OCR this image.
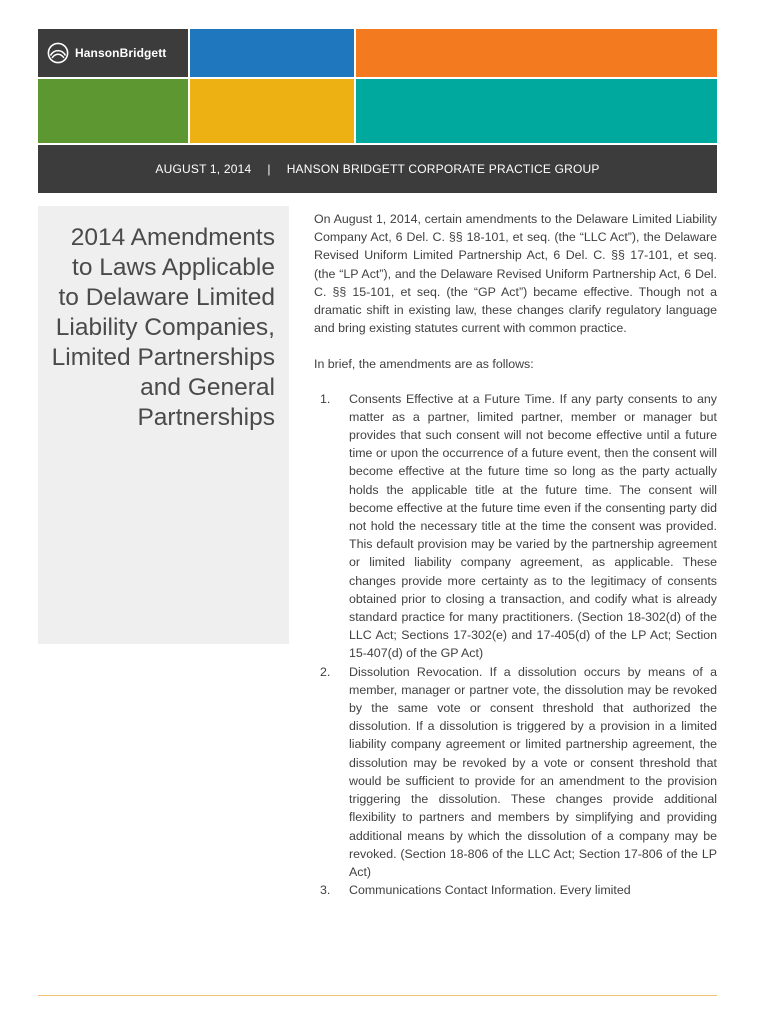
HansonBridgett
AUGUST 1, 2014 | HANSON BRIDGETT CORPORATE PRACTICE GROUP
2014 Amendments to Laws Applicable to Delaware Limited Liability Companies, Limited Partnerships and General Partnerships

On August 1, 2014, certain amendments to the Delaware Limited Liability Company Act, 6 Del. C. §§ 18-101, et seq. (the “LLC Act”), the Delaware Revised Uniform Limited Partnership Act, 6 Del. C. §§ 17-101, et seq. (the “LP Act”), and the Delaware Revised Uniform Partnership Act, 6 Del. C. §§ 15-101, et seq. (the “GP Act”) became effective. Though not a dramatic shift in existing law, these changes clarify regulatory language and bring existing statutes current with common practice.

In brief, the amendments are as follows:

1. Consents Effective at a Future Time. If any party consents to any matter as a partner, limited partner, member or manager but provides that such consent will not become effective until a future time or upon the occurrence of a future event, then the consent will become effective at the future time so long as the party actually holds the applicable title at the future time. The consent will become effective at the future time even if the consenting party did not hold the necessary title at the time the consent was provided. This default provision may be varied by the partnership agreement or limited liability company agreement, as applicable. These changes provide more certainty as to the legitimacy of consents obtained prior to closing a transaction, and codify what is already standard practice for many practitioners. (Section 18-302(d) of the LLC Act; Sections 17-302(e) and 17-405(d) of the LP Act; Section 15-407(d) of the GP Act)
2. Dissolution Revocation. If a dissolution occurs by means of a member, manager or partner vote, the dissolution may be revoked by the same vote or consent threshold that authorized the dissolution. If a dissolution is triggered by a provision in a limited liability company agreement or limited partnership agreement, the dissolution may be revoked by a vote or consent threshold that would be sufficient to provide for an amendment to the provision triggering the dissolution. These changes provide additional flexibility to partners and members by simplifying and providing additional means by which the dissolution of a company may be revoked. (Section 18-806 of the LLC Act; Section 17-806 of the LP Act)
3. Communications Contact Information. Every limited
